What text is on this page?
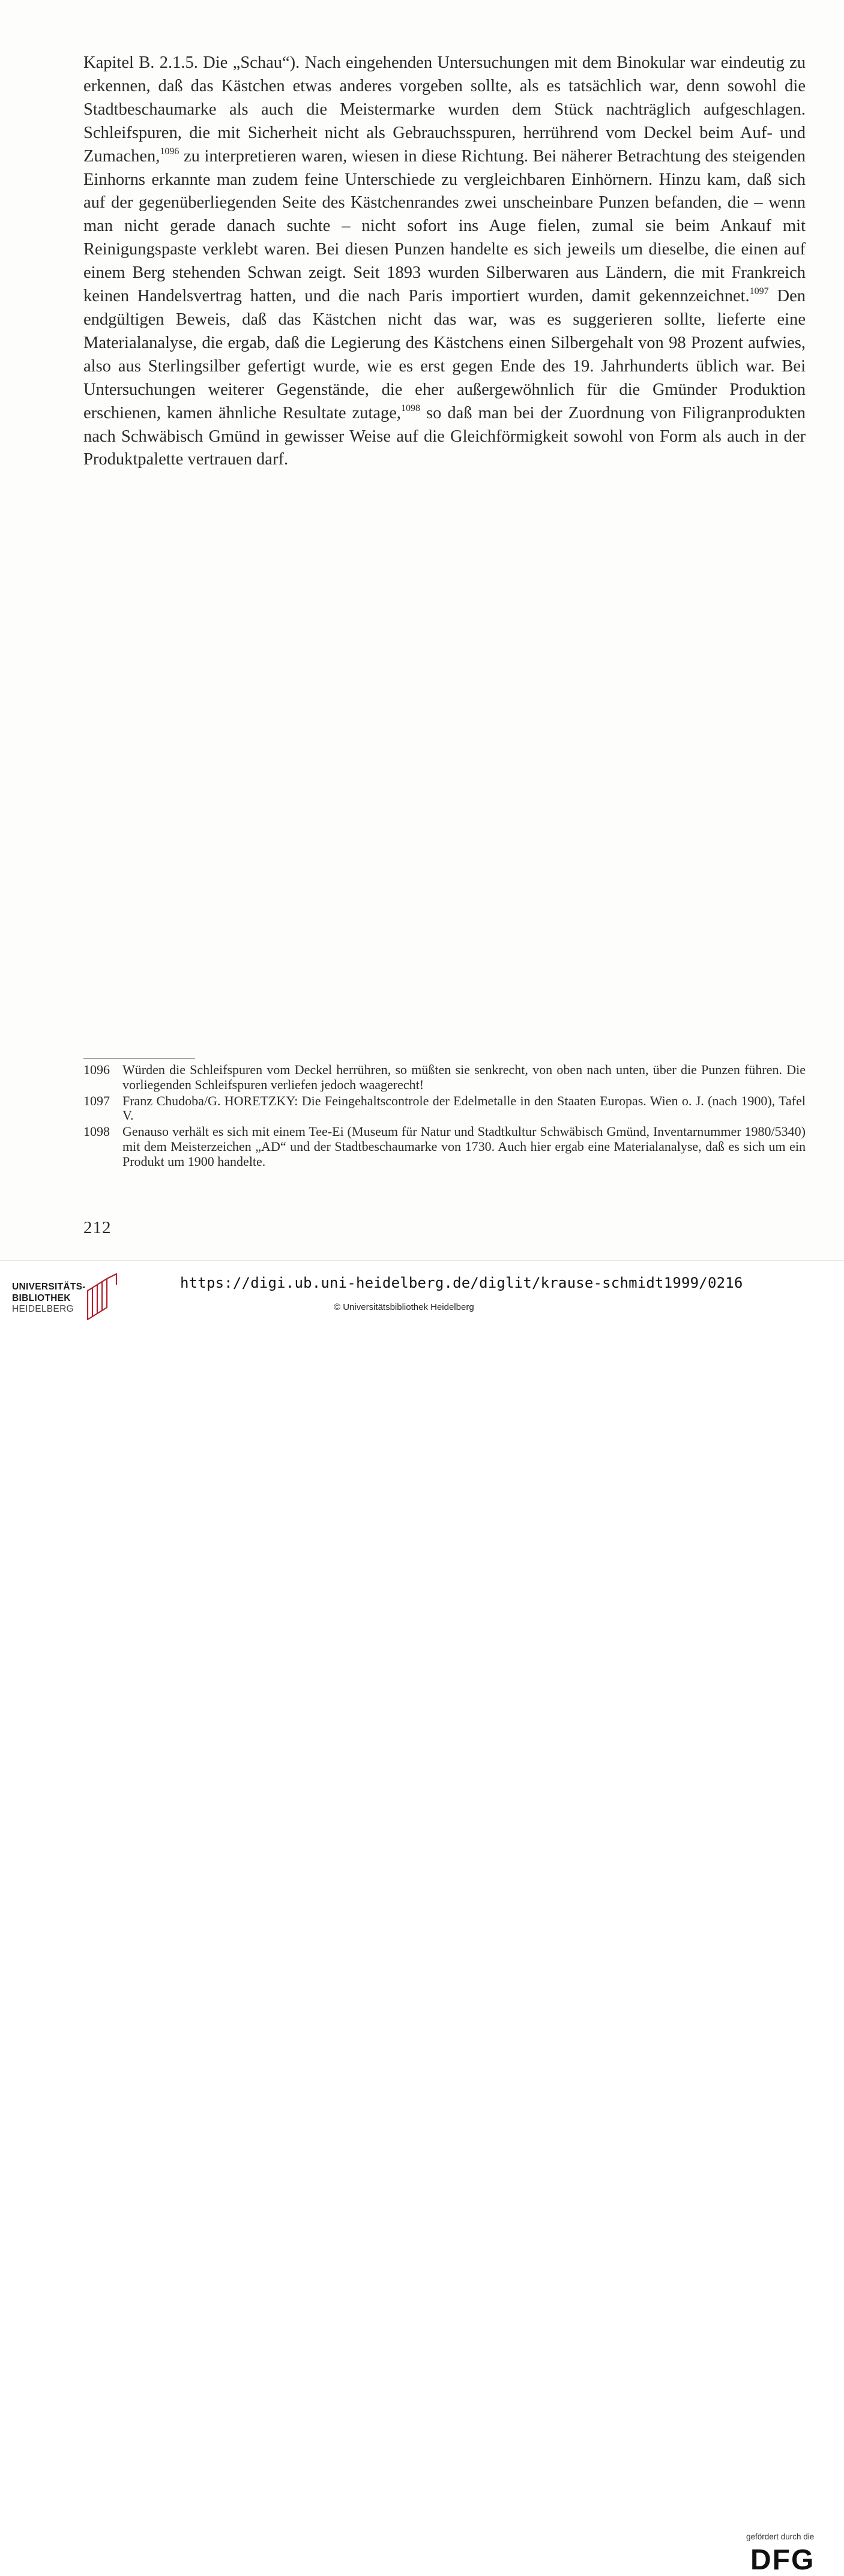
Kapitel B. 2.1.5. Die „Schau“). Nach eingehenden Untersuchungen mit dem Binokular war eindeutig zu erkennen, daß das Kästchen etwas anderes vorgeben sollte, als es tatsächlich war, denn sowohl die Stadtbeschaumarke als auch die Meistermarke wurden dem Stück nachträglich aufgeschlagen. Schleifspuren, die mit Sicherheit nicht als Gebrauchsspuren, herrührend vom Deckel beim Auf- und Zumachen,$^{1096}$ zu interpretieren waren, wiesen in diese Richtung. Bei näherer Betrachtung des steigenden Einhorns erkannte man zudem feine Unterschiede zu vergleichbaren Einhörnern. Hinzu kam, daß sich auf der gegenüberliegenden Seite des Kästchenrandes zwei unscheinbare Punzen befanden, die – wenn man nicht gerade danach suchte – nicht sofort ins Auge fielen, zumal sie beim Ankauf mit Reinigungspaste verklebt waren. Bei diesen Punzen handelte es sich jeweils um dieselbe, die einen auf einem Berg stehenden Schwan zeigt. Seit 1893 wurden Silberwaren aus Ländern, die mit Frankreich keinen Handelsvertrag hatten, und die nach Paris importiert wurden, damit gekennzeichnet.$^{1097}$ Den endgültigen Beweis, daß das Kästchen nicht das war, was es suggerieren sollte, lieferte eine Materialanalyse, die ergab, daß die Legierung des Kästchens einen Silbergehalt von 98 Prozent aufwies, also aus Sterlingsilber gefertigt wurde, wie es erst gegen Ende des 19. Jahrhunderts üblich war. Bei Untersuchungen weiterer Gegenstände, die eher außergewöhnlich für die Gmünder Produktion erschienen, kamen ähnliche Resultate zutage,$^{1098}$ so daß man bei der Zuordnung von Filigranprodukten nach Schwäbisch Gmünd in gewisser Weise auf die Gleichförmigkeit sowohl von Form als auch in der Produktpalette vertrauen darf.

1096 Würden die Schleifspuren vom Deckel herrühren, so müßten sie senkrecht, von oben nach unten, über die Punzen führen. Die vorliegenden Schleifspuren verliefen jedoch waagerecht!
1097 Franz Chudoba/G. HORETZKY: Die Feingehaltscontrole der Edelmetalle in den Staaten Europas. Wien o. J. (nach 1900), Tafel V.
1098 Genauso verhält es sich mit einem Tee-Ei (Museum für Natur und Stadtkultur Schwäbisch Gmünd, Inventarnummer 1980/5340) mit dem Meisterzeichen „AD“ und der Stadtbeschaumarke von 1730. Auch hier ergab eine Materialanalyse, daß es sich um ein Produkt um 1900 handelte.
212
UNIVERSITÄTS-
BIBLIOTHEK
HEIDELBERG
gefördert durch die
DFG
https://digi.ub.uni-heidelberg.de/diglit/krause-schmidt1999/0216
© Universitätsbibliothek Heidelberg
